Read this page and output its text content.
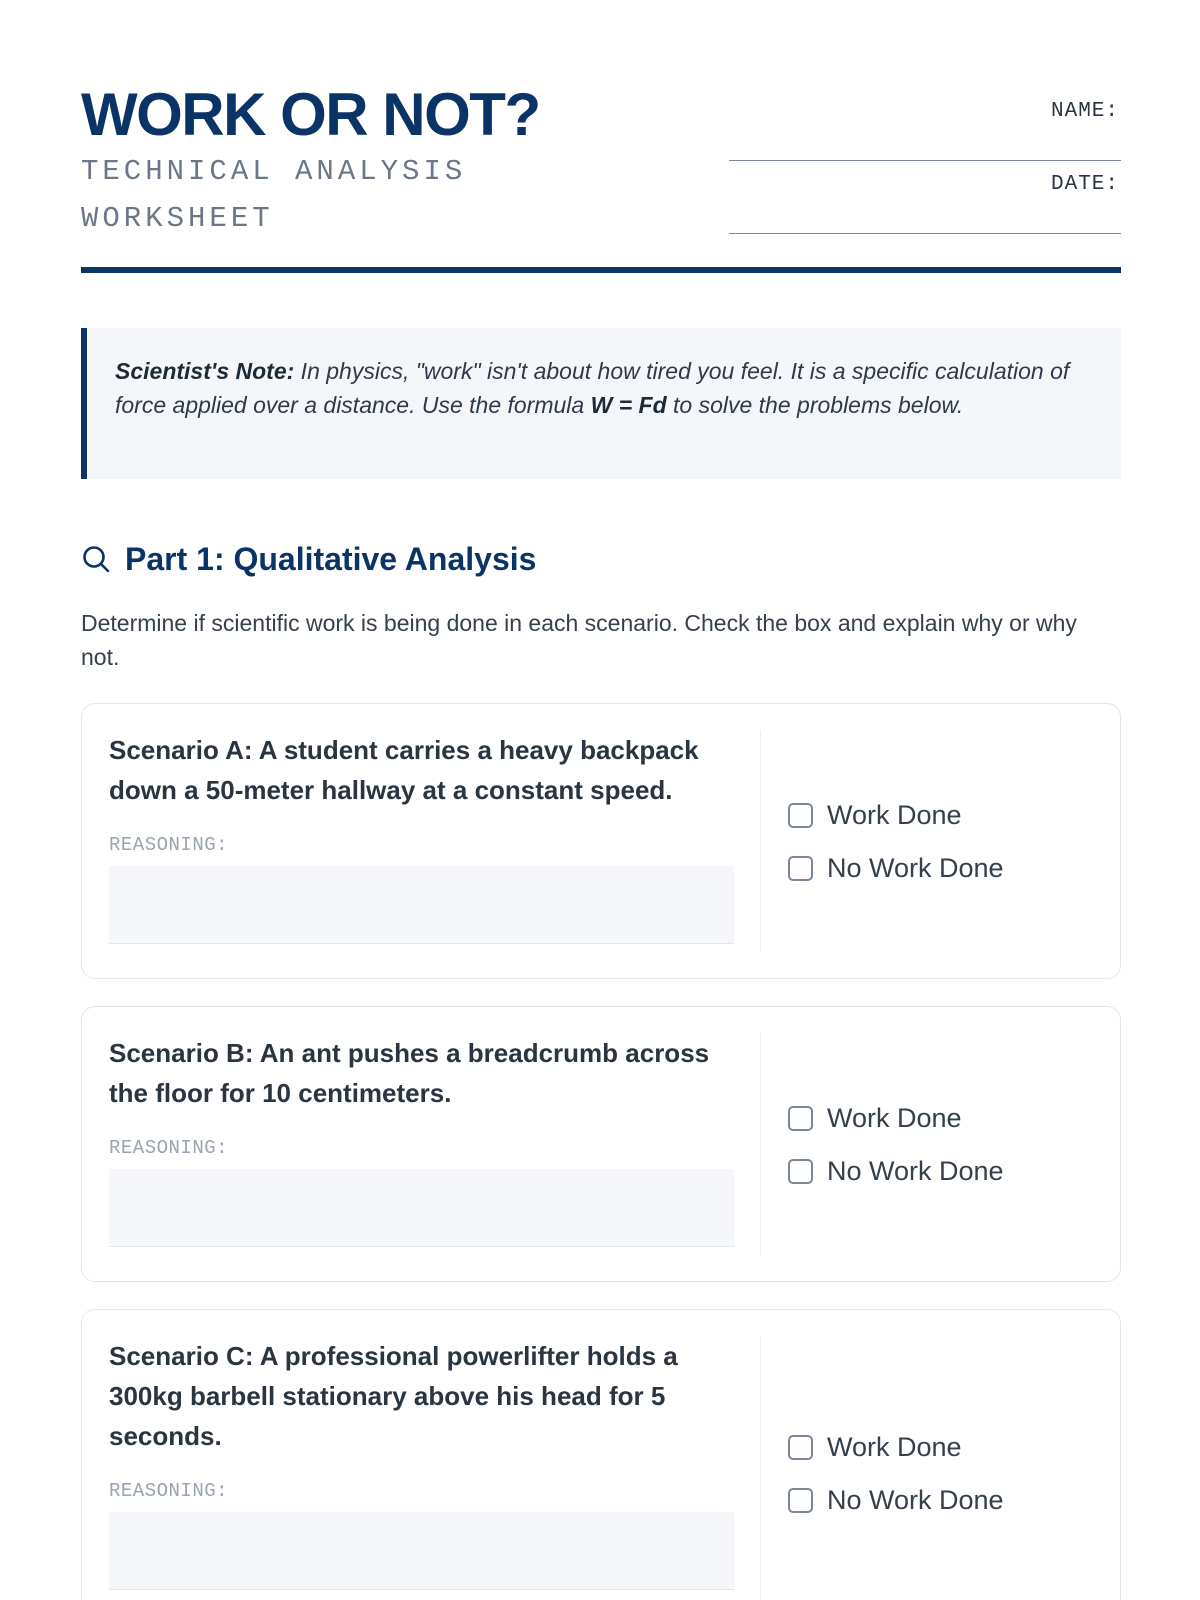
WORK OR NOT?
TECHNICAL ANALYSIS WORKSHEET
NAME:
DATE:
Scientist's Note: In physics, "work" isn't about how tired you feel. It is a specific calculation of force applied over a distance. Use the formula W = Fd to solve the problems below.
Part 1: Qualitative Analysis
Determine if scientific work is being done in each scenario. Check the box and explain why or why not.

Scenario A: A student carries a heavy backpack down a 50-meter hallway at a constant speed.

REASONING:
Work Done
No Work Done

Scenario B: An ant pushes a breadcrumb across the floor for 10 centimeters.

REASONING:
Work Done
No Work Done

Scenario C: A professional powerlifter holds a 300kg barbell stationary above his head for 5 seconds.

REASONING:
Work Done
No Work Done
